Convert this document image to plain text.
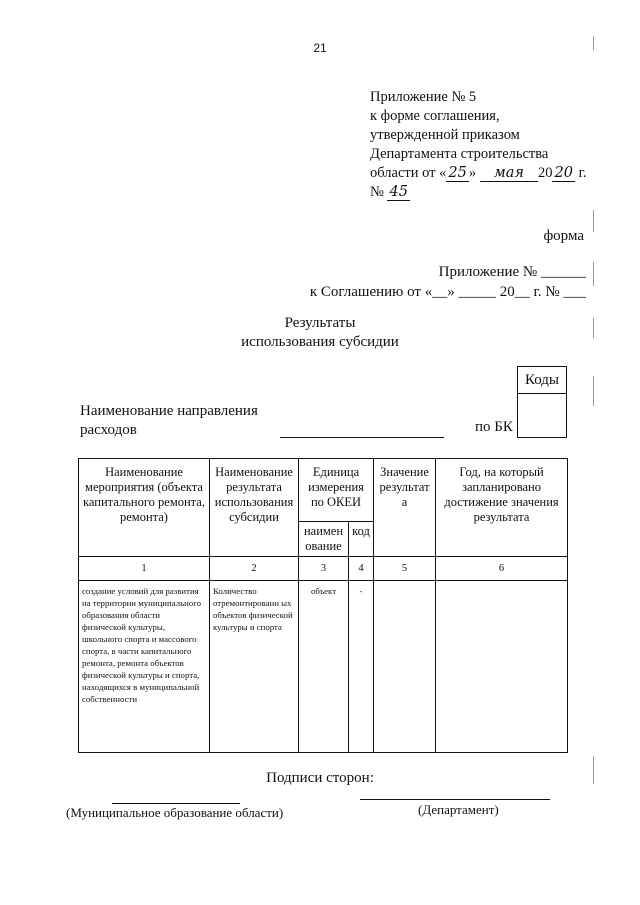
21
Приложение № 5
к форме соглашения,
утвержденной приказом
Департамента строительства
области от « 25 » мая 20 20 г.
№ 45
форма
Приложение № ______
к Соглашению от «__» _____ 20__ г. № ___
Результаты
использования субсидии
Коды
Наименование направления
расходов	по БК
Наименование мероприятия (объекта капитального ремонта, ремонта)	Наименование результата использования субсидии	Единица измерения по ОКЕИ		Значение результат а	Год, на который запланировано достижение значения результата
		наимен ование	код		
1	2	3	4	5	6
создание условий для развития на территории муниципального образования области физической культуры, школьного спорта и массового спорта, в части капитального ремонта, ремонта объектов физической культуры и спорта, находящихся в муниципальной собственности	Количество отремонтированн ых объектов физической культуры и спорта	объект	-		
Подписи сторон:
(Муниципальное образование области)	(Департамент)
